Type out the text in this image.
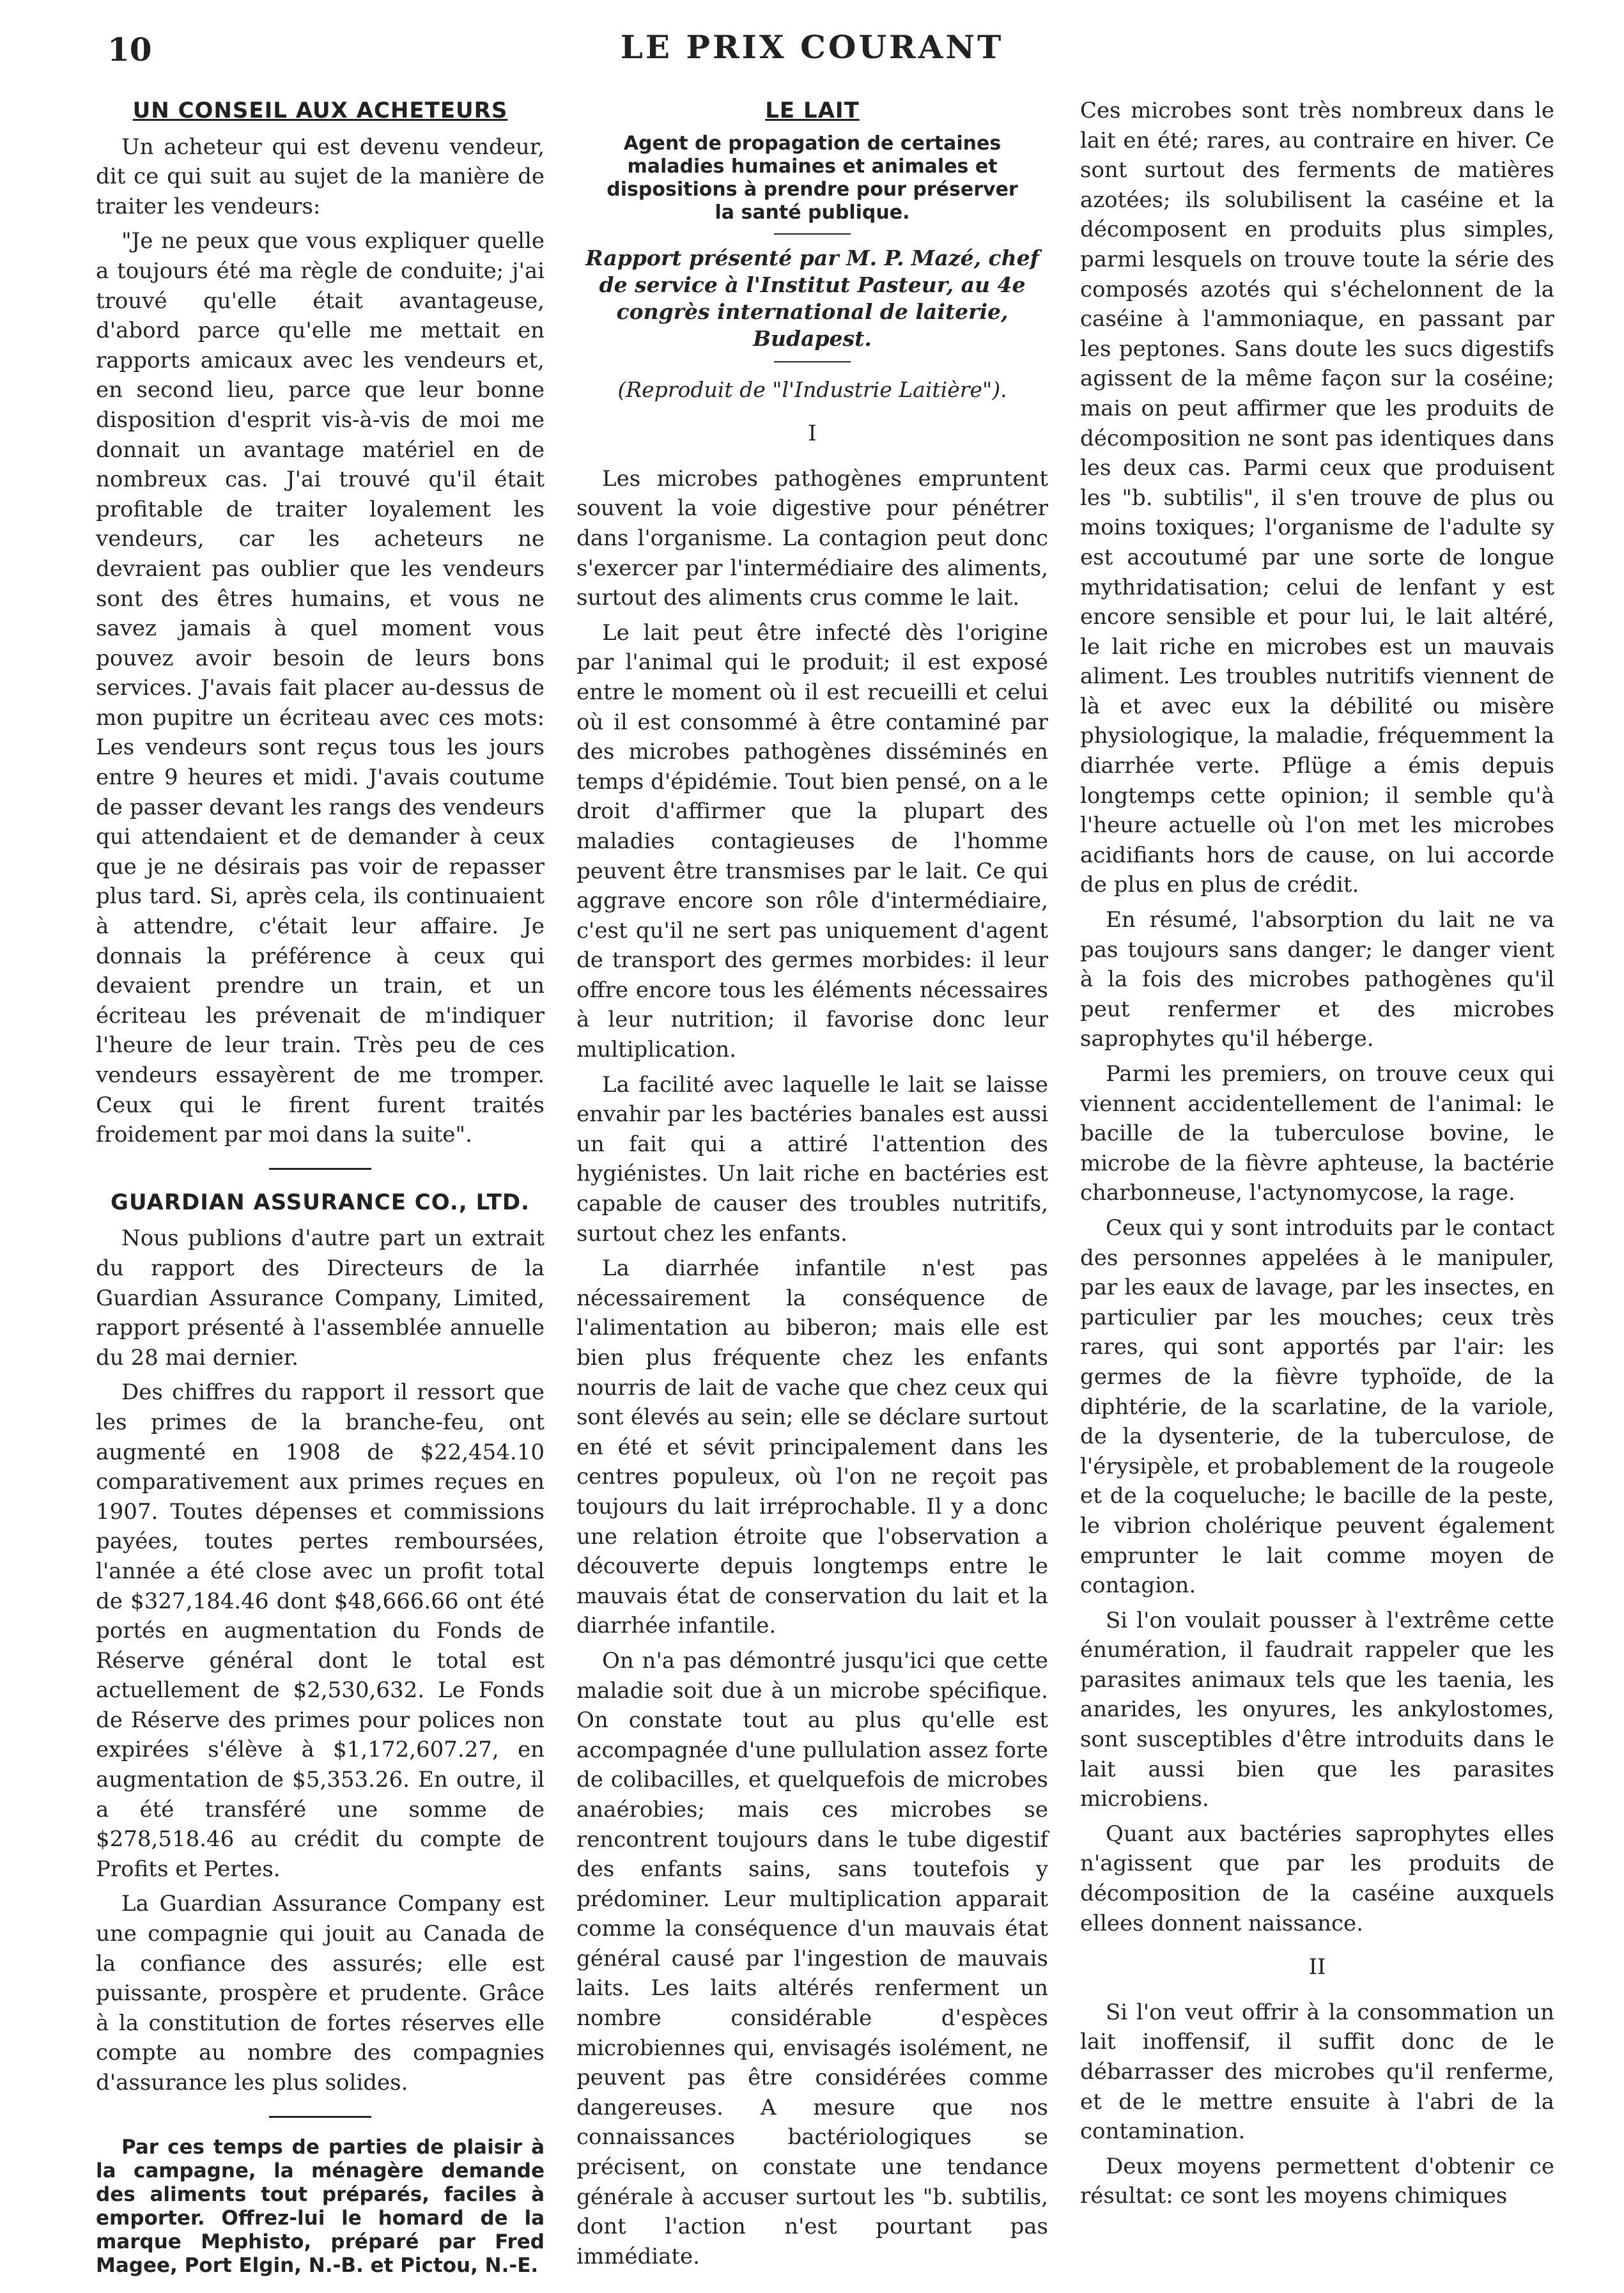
10	LE PRIX COURANT
UN CONSEIL AUX ACHETEURS

Un acheteur qui est devenu vendeur, dit ce qui suit au sujet de la manière de traiter les vendeurs:

"Je ne peux que vous expliquer quelle a toujours été ma règle de conduite; j'ai trouvé qu'elle était avantageuse, d'abord parce qu'elle me mettait en rapports amicaux avec les vendeurs et, en second lieu, parce que leur bonne disposition d'esprit vis-à-vis de moi me donnait un avantage matériel en de nombreux cas. J'ai trouvé qu'il était profitable de traiter loyalement les vendeurs, car les acheteurs ne devraient pas oublier que les vendeurs sont des êtres humains, et vous ne savez jamais à quel moment vous pouvez avoir besoin de leurs bons services. J'avais fait placer au-dessus de mon pupitre un écriteau avec ces mots: Les vendeurs sont reçus tous les jours entre 9 heures et midi. J'avais coutume de passer devant les rangs des vendeurs qui attendaient et de demander à ceux que je ne désirais pas voir de repasser plus tard. Si, après cela, ils continuaient à attendre, c'était leur affaire. Je donnais la préférence à ceux qui devaient prendre un train, et un écriteau les prévenait de m'indiquer l'heure de leur train. Très peu de ces vendeurs essayèrent de me tromper. Ceux qui le firent furent traités froidement par moi dans la suite".

GUARDIAN ASSURANCE CO., LTD.

Nous publions d'autre part un extrait du rapport des Directeurs de la Guardian Assurance Company, Limited, rapport présenté à l'assemblée annuelle du 28 mai dernier.

Des chiffres du rapport il ressort que les primes de la branche-feu, ont augmenté en 1908 de $22,454.10 comparativement aux primes reçues en 1907. Toutes dépenses et commissions payées, toutes pertes remboursées, l'année a été close avec un profit total de $327,184.46 dont $48,666.66 ont été portés en augmentation du Fonds de Réserve général dont le total est actuellement de $2,530,632. Le Fonds de Réserve des primes pour polices non expirées s'élève à $1,172,607.27, en augmentation de $5,353.26. En outre, il a été transféré une somme de $278,518.46 au crédit du compte de Profits et Pertes.

La Guardian Assurance Company est une compagnie qui jouit au Canada de la confiance des assurés; elle est puissante, prospère et prudente. Grâce à la constitution de fortes réserves elle compte au nombre des compagnies d'assurance les plus solides.

Par ces temps de parties de plaisir à la campagne, la ménagère demande des aliments tout préparés, faciles à emporter. Offrez-lui le homard de la marque Mephisto, préparé par Fred Magee, Port Elgin, N.-B. et Pictou, N.-E.

LE LAIT
Agent de propagation de certaines maladies humaines et animales et dispositions à prendre pour préserver la santé publique.
Rapport présenté par M. P. Mazé, chef de service à l'Institut Pasteur, au 4e congrès international de laiterie, Budapest.
(Reproduit de "l'Industrie Laitière").
I

Les microbes pathogènes empruntent souvent la voie digestive pour pénétrer dans l'organisme. La contagion peut donc s'exercer par l'intermédiaire des aliments, surtout des aliments crus comme le lait.

Le lait peut être infecté dès l'origine par l'animal qui le produit; il est exposé entre le moment où il est recueilli et celui où il est consommé à être contaminé par des microbes pathogènes disséminés en temps d'épidémie. Tout bien pensé, on a le droit d'affirmer que la plupart des maladies contagieuses de l'homme peuvent être transmises par le lait. Ce qui aggrave encore son rôle d'intermédiaire, c'est qu'il ne sert pas uniquement d'agent de transport des germes morbides: il leur offre encore tous les éléments nécessaires à leur nutrition; il favorise donc leur multiplication.

La facilité avec laquelle le lait se laisse envahir par les bactéries banales est aussi un fait qui a attiré l'attention des hygiénistes. Un lait riche en bactéries est capable de causer des troubles nutritifs, surtout chez les enfants.

La diarrhée infantile n'est pas nécessairement la conséquence de l'alimentation au biberon; mais elle est bien plus fréquente chez les enfants nourris de lait de vache que chez ceux qui sont élevés au sein; elle se déclare surtout en été et sévit principalement dans les centres populeux, où l'on ne reçoit pas toujours du lait irréprochable. Il y a donc une relation étroite que l'observation a découverte depuis longtemps entre le mauvais état de conservation du lait et la diarrhée infantile.

On n'a pas démontré jusqu'ici que cette maladie soit due à un microbe spécifique. On constate tout au plus qu'elle est accompagnée d'une pullulation assez forte de colibacilles, et quelquefois de microbes anaérobies; mais ces microbes se rencontrent toujours dans le tube digestif des enfants sains, sans toutefois y prédominer. Leur multiplication apparait comme la conséquence d'un mauvais état général causé par l'ingestion de mauvais laits. Les laits altérés renferment un nombre considérable d'espèces microbiennes qui, envisagés isolément, ne peuvent pas être considérées comme dangereuses. A mesure que nos connaissances bactériologiques se précisent, on constate une tendance générale à accuser surtout les "b. subtilis, dont l'action n'est pourtant pas immédiate.

Ces microbes sont très nombreux dans le lait en été; rares, au contraire en hiver. Ce sont surtout des ferments de matières azotées; ils solubilisent la caséine et la décomposent en produits plus simples, parmi lesquels on trouve toute la série des composés azotés qui s'échelonnent de la caséine à l'ammoniaque, en passant par les peptones. Sans doute les sucs digestifs agissent de la même façon sur la coséine; mais on peut affirmer que les produits de décomposition ne sont pas identiques dans les deux cas. Parmi ceux que produisent les "b. subtilis", il s'en trouve de plus ou moins toxiques; l'organisme de l'adulte sy est accoutumé par une sorte de longue mythridatisation; celui de lenfant y est encore sensible et pour lui, le lait altéré, le lait riche en microbes est un mauvais aliment. Les troubles nutritifs viennent de là et avec eux la débilité ou misère physiologique, la maladie, fréquemment la diarrhée verte. Pflüge a émis depuis longtemps cette opinion; il semble qu'à l'heure actuelle où l'on met les microbes acidifiants hors de cause, on lui accorde de plus en plus de crédit.

En résumé, l'absorption du lait ne va pas toujours sans danger; le danger vient à la fois des microbes pathogènes qu'il peut renfermer et des microbes saprophytes qu'il héberge.

Parmi les premiers, on trouve ceux qui viennent accidentellement de l'animal: le bacille de la tuberculose bovine, le microbe de la fièvre aphteuse, la bactérie charbonneuse, l'actynomycose, la rage.

Ceux qui y sont introduits par le contact des personnes appelées à le manipuler, par les eaux de lavage, par les insectes, en particulier par les mouches; ceux très rares, qui sont apportés par l'air: les germes de la fièvre typhoïde, de la diphtérie, de la scarlatine, de la variole, de la dysenterie, de la tuberculose, de l'érysipèle, et probablement de la rougeole et de la coqueluche; le bacille de la peste, le vibrion cholérique peuvent également emprunter le lait comme moyen de contagion.

Si l'on voulait pousser à l'extrême cette énumération, il faudrait rappeler que les parasites animaux tels que les taenia, les anarides, les onyures, les ankylostomes, sont susceptibles d'être introduits dans le lait aussi bien que les parasites microbiens.

Quant aux bactéries saprophytes elles n'agissent que par les produits de décomposition de la caséine auxquels ellees donnent naissance.

II

Si l'on veut offrir à la consommation un lait inoffensif, il suffit donc de le débarrasser des microbes qu'il renferme, et de le mettre ensuite à l'abri de la contamination.

Deux moyens permettent d'obtenir ce résultat: ce sont les moyens chimiques
